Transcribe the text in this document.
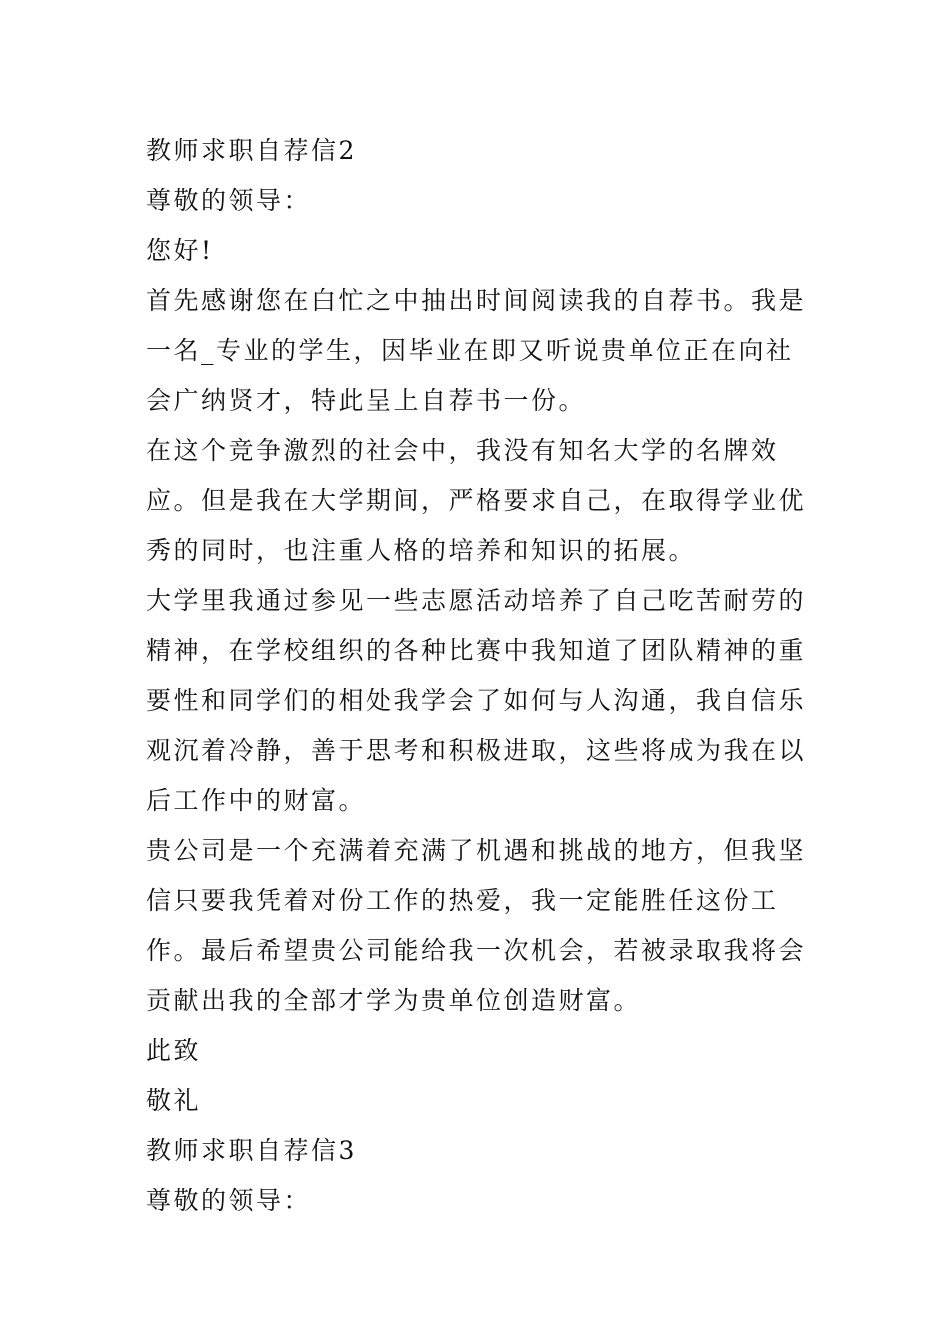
教师求职自荐信2

尊敬的领导：

您好!

首先感谢您在白忙之中抽出时间阅读我的自荐书。我是一名_专业的学生，因毕业在即又听说贵单位正在向社会广纳贤才，特此呈上自荐书一份。

在这个竞争激烈的社会中，我没有知名大学的名牌效应。但是我在大学期间，严格要求自己，在取得学业优秀的同时，也注重人格的培养和知识的拓展。

大学里我通过参见一些志愿活动培养了自己吃苦耐劳的精神，在学校组织的各种比赛中我知道了团队精神的重要性和同学们的相处我学会了如何与人沟通，我自信乐观沉着冷静，善于思考和积极进取，这些将成为我在以后工作中的财富。

贵公司是一个充满着充满了机遇和挑战的地方，但我坚信只要我凭着对份工作的热爱，我一定能胜任这份工作。最后希望贵公司能给我一次机会，若被录取我将会贡献出我的全部才学为贵单位创造财富。

此致

敬礼

教师求职自荐信3

尊敬的领导：
